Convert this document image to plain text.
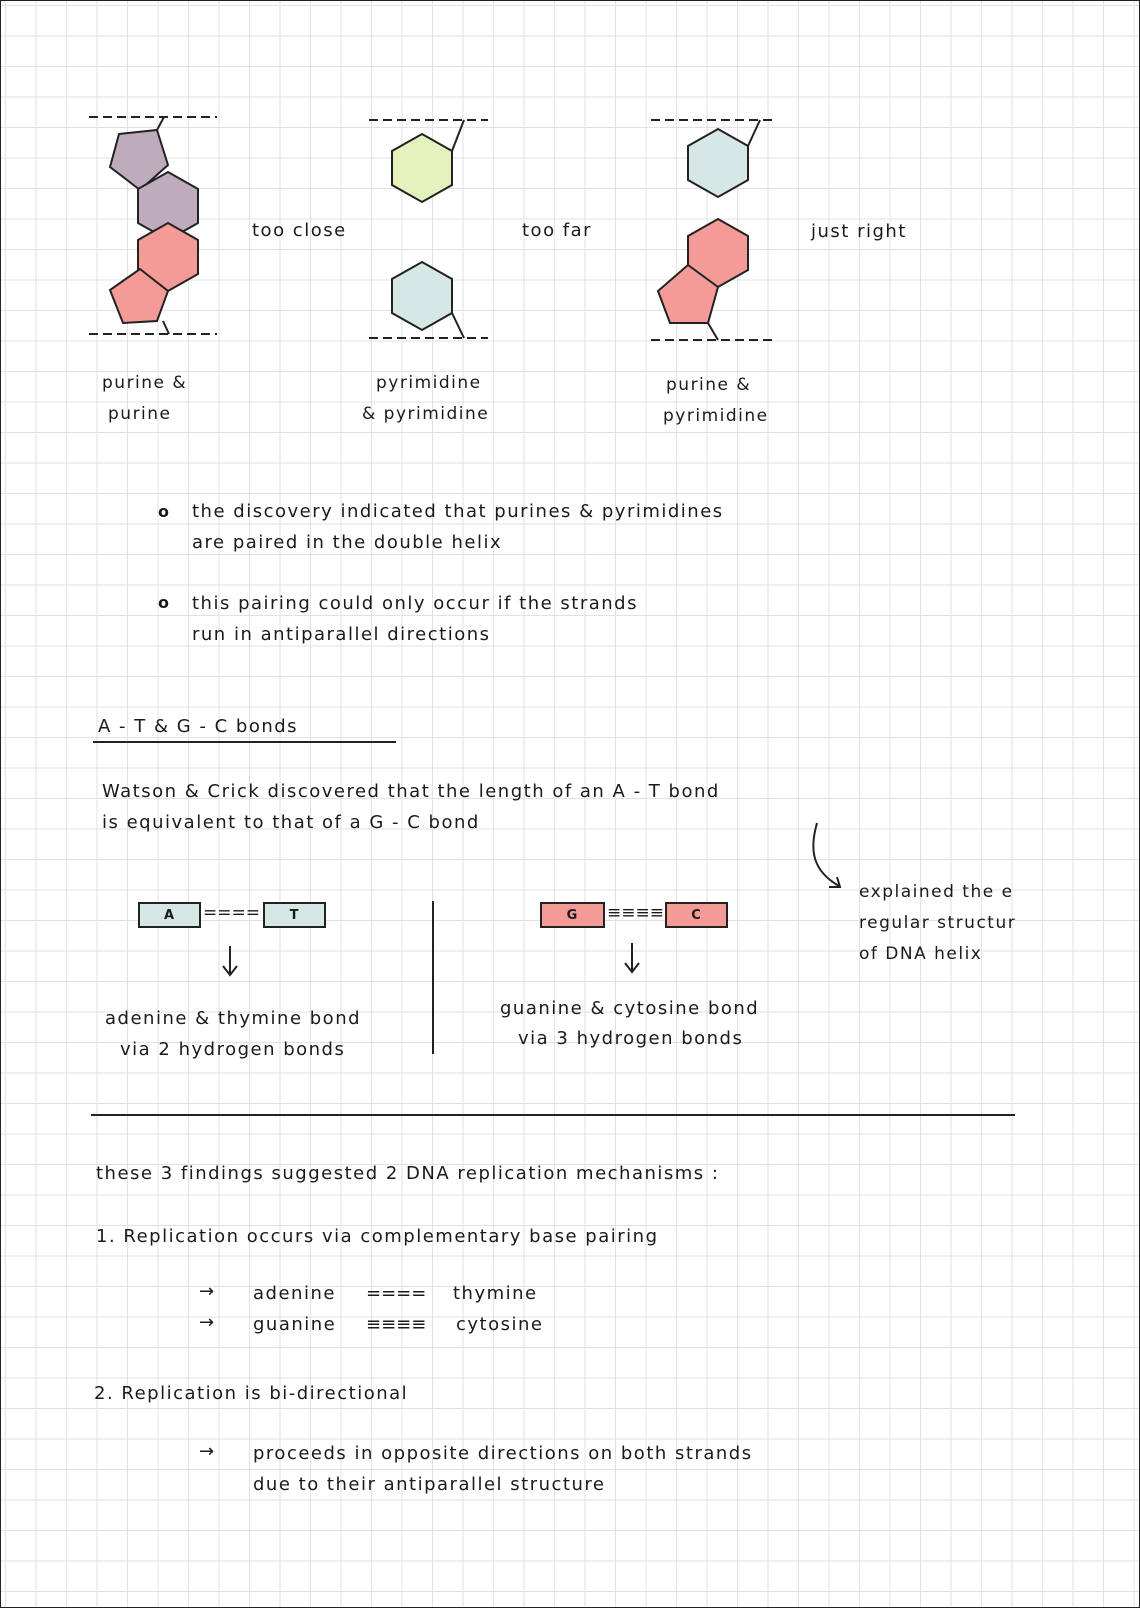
too close	too far	just right
purine &
purine
pyrimidine
& pyrimidine
purine &
pyrimidine
o the discovery indicated that purines & pyrimidines
are paired in the double helix
o this pairing could only occur if the strands
run in antiparallel directions
A - T & G - C bonds
Watson & Crick discovered that the length of an A - T bond
is equivalent to that of a G - C bond
A	====	T	G	≡≡≡≡	C
explained the e
regular structur
of DNA helix
adenine & thymine bond
via 2 hydrogen bonds
guanine & cytosine bond
via 3 hydrogen bonds
these 3 findings suggested 2 DNA replication mechanisms :
1. Replication occurs via complementary base pairing
→ adenine ==== thymine
→ guanine ≡≡≡≡ cytosine
2. Replication is bi-directional
→ proceeds in opposite directions on both strands
due to their antiparallel structure
